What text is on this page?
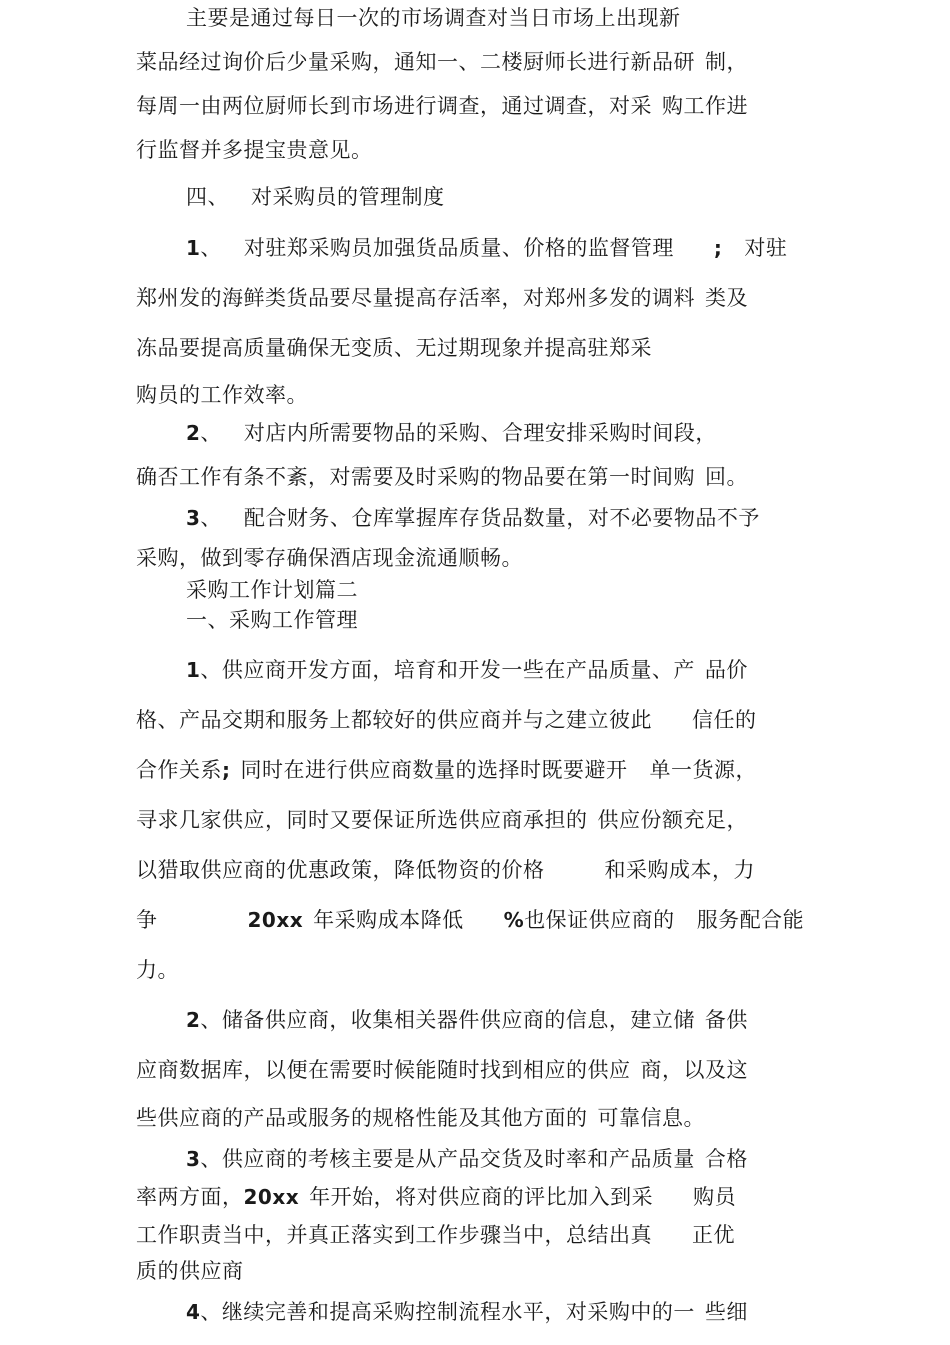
主要是通过每日一次的市场调查对当日市场上出现新
菜品经过询价后少量采购，通知一、二楼厨师长进行新品研 制，
每周一由两位厨师长到市场进行调查，通过调查，对采 购工作进
行监督并多提宝贵意见。
四、 对采购员的管理制度
1、 对驻郑采购员加强货品质量、价格的监督管理 ; 对驻
郑州发的海鲜类货品要尽量提高存活率，对郑州多发的调料 类及
冻品要提高质量确保无变质、无过期现象并提高驻郑采
购员的工作效率。
2、 对店内所需要物品的采购、合理安排采购时间段，
确否工作有条不紊，对需要及时采购的物品要在第一时间购 回。
3、 配合财务、仓库掌握库存货品数量，对不必要物品不予
采购，做到零存确保酒店现金流通顺畅。
采购工作计划篇二
一、采购工作管理
1、供应商开发方面，培育和开发一些在产品质量、产 品价
格、产品交期和服务上都较好的供应商并与之建立彼此 信任的
合作关系; 同时在进行供应商数量的选择时既要避开 单一货源，
寻求几家供应，同时又要保证所选供应商承担的 供应份额充足，
以猎取供应商的优惠政策，降低物资的价格	和采购成本，力
争	20xx 年采购成本降低 %也保证供应商的 服务配合能
力。
2、储备供应商，收集相关器件供应商的信息，建立储 备供
应商数据库，以便在需要时候能随时找到相应的供应 商，以及这
些供应商的产品或服务的规格性能及其他方面的 可靠信息。
3、供应商的考核主要是从产品交货及时率和产品质量 合格
率两方面，20xx 年开始，将对供应商的评比加入到采 购员
工作职责当中，并真正落实到工作步骤当中，总结出真 正优
质的供应商
4、继续完善和提高采购控制流程水平，对采购中的一 些细
